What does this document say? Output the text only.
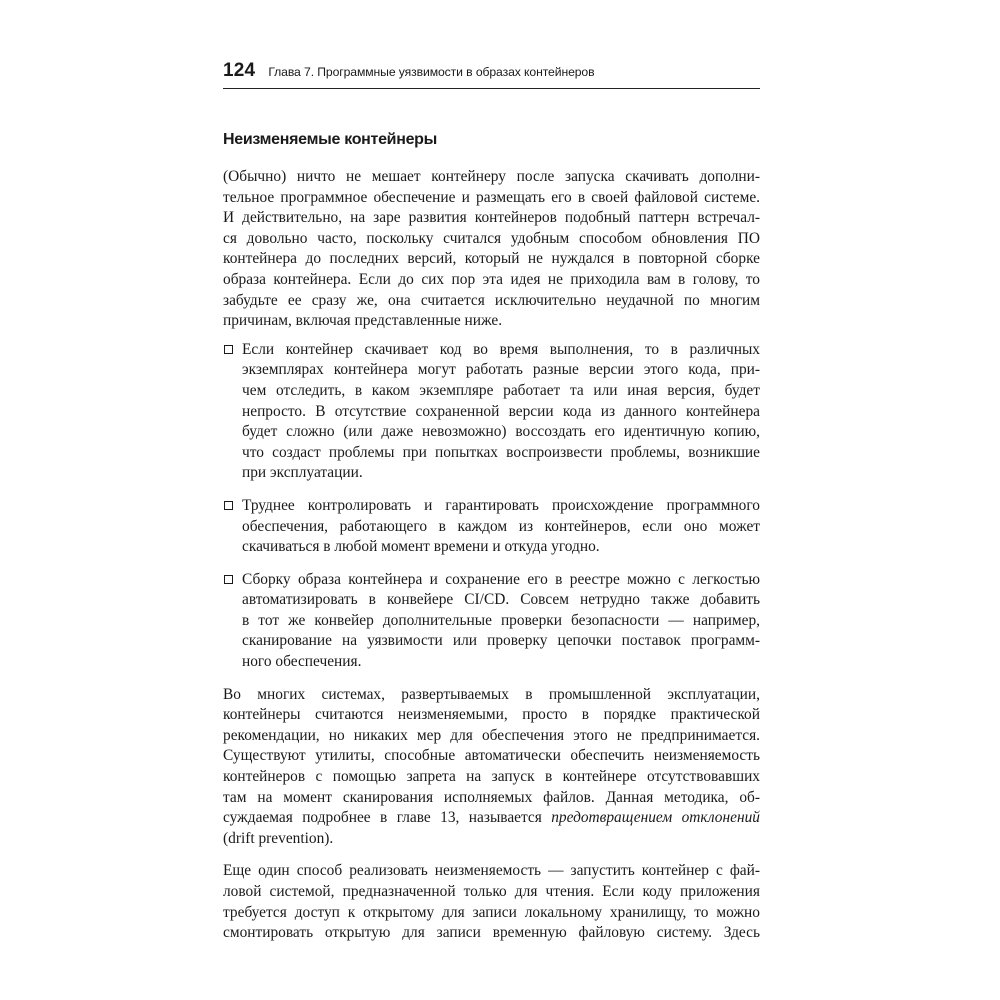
124 Глава 7. Программные уязвимости в образах контейнеров
Неизменяемые контейнеры

(Обычно) ничто не мешает контейнеру после запуска скачивать дополни-
тельное программное обеспечение и размещать его в своей файловой системе.
И действительно, на заре развития контейнеров подобный паттерн встречал-
ся довольно часто, поскольку считался удобным способом обновления ПО
контейнера до последних версий, который не нуждался в повторной сборке
образа контейнера. Если до сих пор эта идея не приходила вам в голову, то
забудьте ее сразу же, она считается исключительно неудачной по многим
причинам, включая представленные ниже.

Если контейнер скачивает код во время выполнения, то в различных
экземплярах контейнера могут работать разные версии этого кода, при-
чем отследить, в каком экземпляре работает та или иная версия, будет
непросто. В отсутствие сохраненной версии кода из данного контейнера
будет сложно (или даже невозможно) воссоздать его идентичную копию,
что создаст проблемы при попытках воспроизвести проблемы, возникшие
при эксплуатации.
Труднее контролировать и гарантировать происхождение программного
обеспечения, работающего в каждом из контейнеров, если оно может
скачиваться в любой момент времени и откуда угодно.
Сборку образа контейнера и сохранение его в реестре можно с легкостью
автоматизировать в конвейере CI/CD. Совсем нетрудно также добавить
в тот же конвейер дополнительные проверки безопасности — например,
сканирование на уязвимости или проверку цепочки поставок программ-
ного обеспечения.

Во многих системах, развертываемых в промышленной эксплуатации,
контейнеры считаются неизменяемыми, просто в порядке практической
рекомендации, но никаких мер для обеспечения этого не предпринимается.
Существуют утилиты, способные автоматически обеспечить неизменяемость
контейнеров с помощью запрета на запуск в контейнере отсутствовавших
там на момент сканирования исполняемых файлов. Данная методика, об-
суждаемая подробнее в главе 13, называется предотвращением отклонений
(drift prevention).

Еще один способ реализовать неизменяемость — запустить контейнер с фай-
ловой системой, предназначенной только для чтения. Если коду приложения
требуется доступ к открытому для записи локальному хранилищу, то можно
смонтировать открытую для записи временную файловую систему. Здесь
